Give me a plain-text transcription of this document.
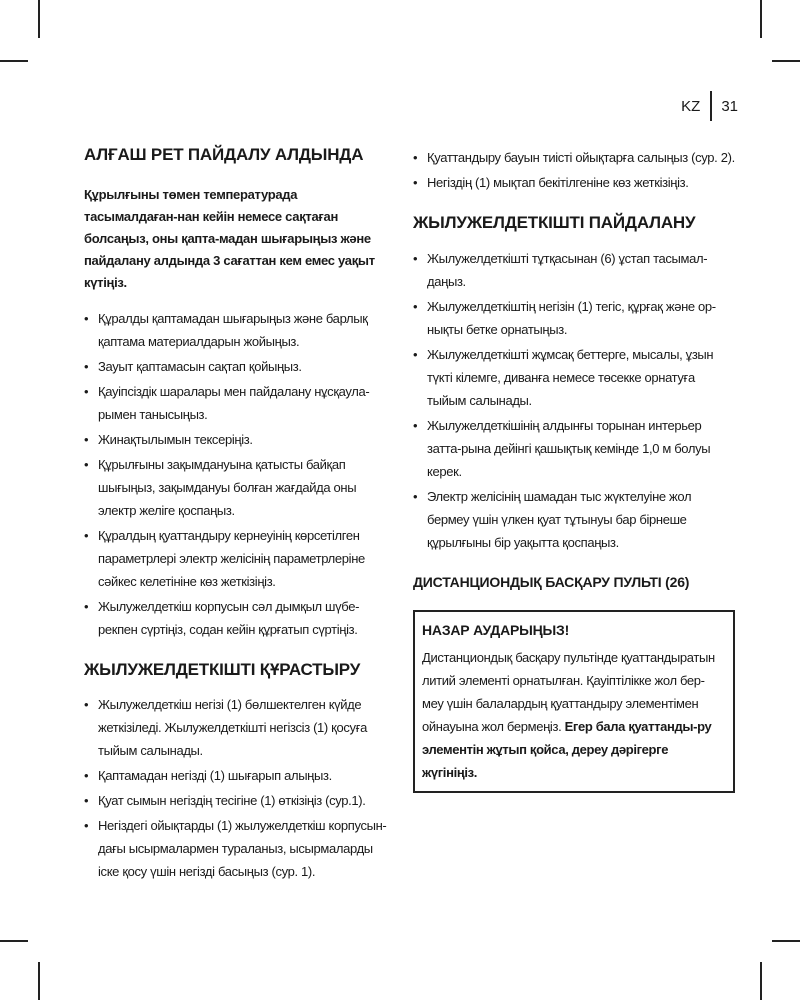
KZ 31
АЛҒАШ РЕТ ПАЙДАЛУ АЛДЫНДА

Құрылғыны төмен температурада тасымалдаған-нан кейін немесе сақтаған болсаңыз, оны қапта-мадан шығарыңыз және пайдалану алдында 3 сағаттан кем емес уақыт күтіңіз.

• Құралды қаптамадан шығарыңыз және барлық қаптама материалдарын жойыңыз.
• Зауыт қаптамасын сақтап қойыңыз.
• Қауіпсіздік шаралары мен пайдалану нұсқаула-рымен танысыңыз.
• Жинақтылымын тексеріңіз.
• Құрылғыны зақымдануына қатысты байқап шығыңыз, зақымдануы болған жағдайда оны электр желіге қоспаңыз.
• Құралдың қуаттандыру кернеуінің көрсетілген параметрлері электр желісінің параметрлеріне сәйкес келетініне көз жеткізіңіз.
• Жылужелдеткіш корпусын сәл дымқыл шүбе-рекпен сүртіңіз, содан кейін құрғатып сүртіңіз.
ЖЫЛУЖЕЛДЕТКІШТІ ҚҰРАСТЫРУ
• Жылужелдеткіш негізі (1) бөлшектелген күйде жеткізіледі. Жылужелдеткішті негізсіз (1) қосуға тыйым салынады.
• Қаптамадан негізді (1) шығарып алыңыз.
• Қуат сымын негіздің тесігіне (1) өткізіңіз (сур.1).
• Негіздегі ойықтарды (1) жылужелдеткіш корпусын-дағы ысырмалармен тураланыз, ысырмаларды іске қосу үшін негізді басыңыз (сур. 1).
• Қуаттандыру бауын тиісті ойықтарға салыңыз (сур. 2).
• Негіздің (1) мықтап бекітілгеніне көз жеткізіңіз.
ЖЫЛУЖЕЛДЕТКІШТІ ПАЙДАЛАНУ
• Жылужелдеткішті тұтқасынан (6) ұстап тасымал-даңыз.
• Жылужелдеткіштің негізін (1) тегіс, құрғақ және ор-нықты бетке орнатыңыз.
• Жылужелдеткішті жұмсақ беттерге, мысалы, ұзын түкті кілемге, диванға немесе төсекке орнатуға тыйым салынады.
• Жылужелдеткішінің алдынғы торынан интерьер затта-рына дейінгі қашықтық кемінде 1,0 м болуы керек.
• Электр желісінің шамадан тыс жүктелуіне жол бермеу үшін үлкен қуат тұтынуы бар бірнеше құрылғыны бір уақытта қоспаңыз.
ДИСТАНЦИОНДЫҚ БАСҚАРУ ПУЛЬТІ (26)
НАЗАР АУДАРЫҢЫЗ!

Дистанциондық басқару пультінде қуаттандыратын литий элементі орнатылған. Қауіптілікке жол бер-меу үшін балалардың қуаттандыру элементімен ойнауына жол бермеңіз. Егер бала қуаттанды-ру элементін жұтып қойса, дереу дәрігерге жүгініңіз.
